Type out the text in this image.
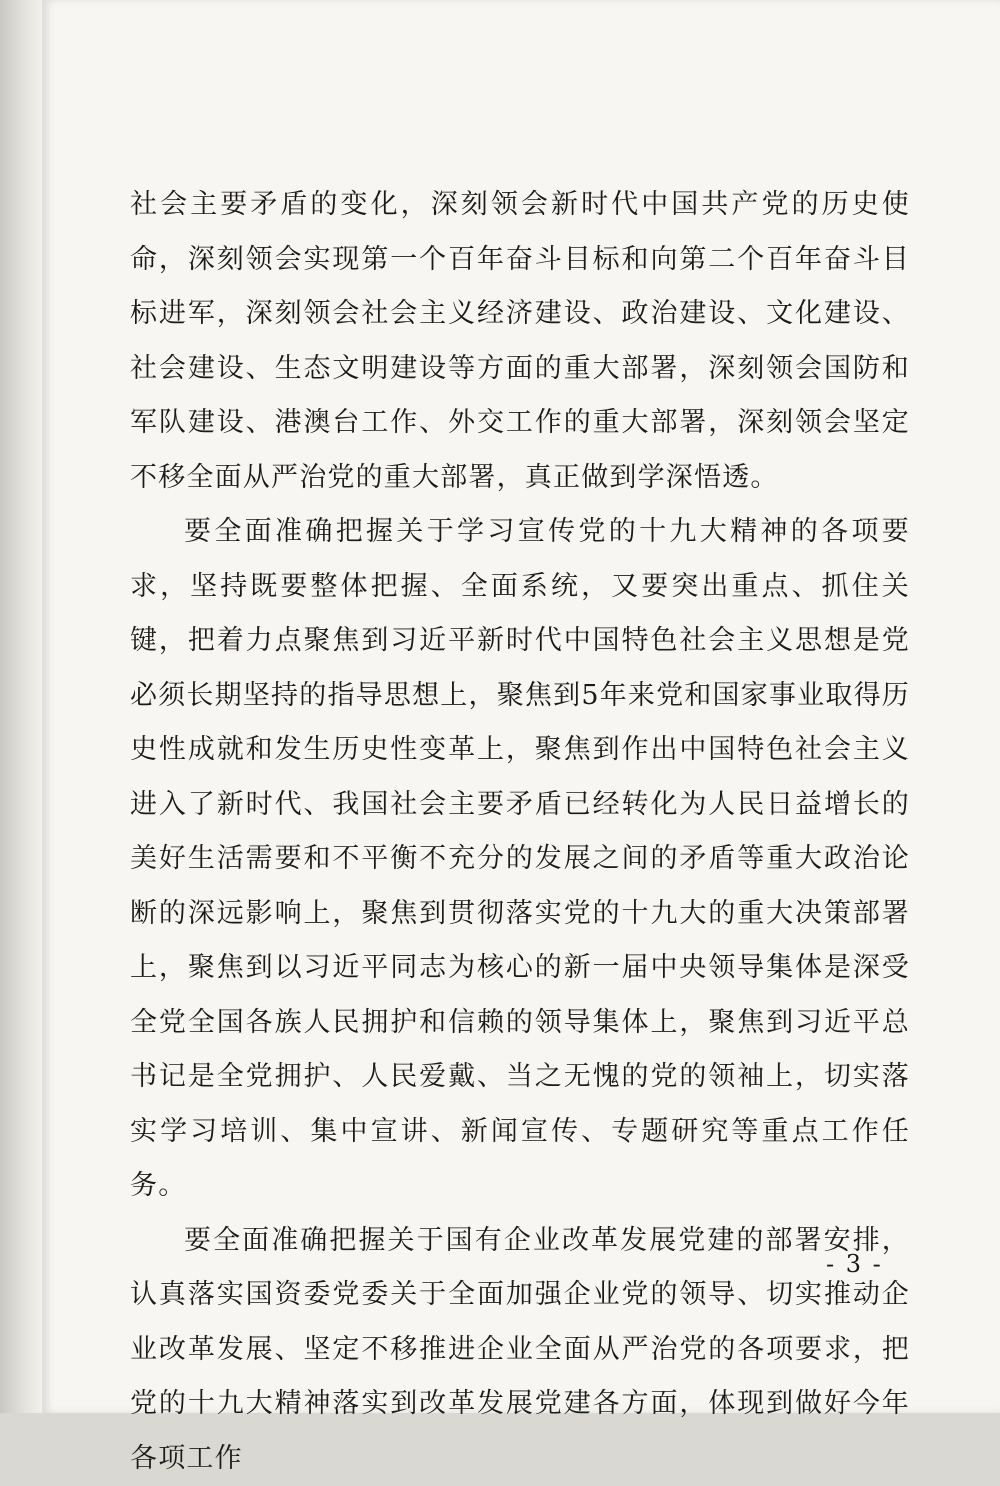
社会主要矛盾的变化，深刻领会新时代中国共产党的历史使命，深刻领会实现第一个百年奋斗目标和向第二个百年奋斗目标进军，深刻领会社会主义经济建设、政治建设、文化建设、社会建设、生态文明建设等方面的重大部署，深刻领会国防和军队建设、港澳台工作、外交工作的重大部署，深刻领会坚定不移全面从严治党的重大部署，真正做到学深悟透。

要全面准确把握关于学习宣传党的十九大精神的各项要求，坚持既要整体把握、全面系统，又要突出重点、抓住关键，把着力点聚焦到习近平新时代中国特色社会主义思想是党必须长期坚持的指导思想上，聚焦到5年来党和国家事业取得历史性成就和发生历史性变革上，聚焦到作出中国特色社会主义进入了新时代、我国社会主要矛盾已经转化为人民日益增长的美好生活需要和不平衡不充分的发展之间的矛盾等重大政治论断的深远影响上，聚焦到贯彻落实党的十九大的重大决策部署上，聚焦到以习近平同志为核心的新一届中央领导集体是深受全党全国各族人民拥护和信赖的领导集体上，聚焦到习近平总书记是全党拥护、人民爱戴、当之无愧的党的领袖上，切实落实学习培训、集中宣讲、新闻宣传、专题研究等重点工作任务。

要全面准确把握关于国有企业改革发展党建的部署安排，认真落实国资委党委关于全面加强企业党的领导、切实推动企业改革发展、坚定不移推进企业全面从严治党的各项要求，把党的十九大精神落实到改革发展党建各方面，体现到做好今年各项工作

- 3 -
